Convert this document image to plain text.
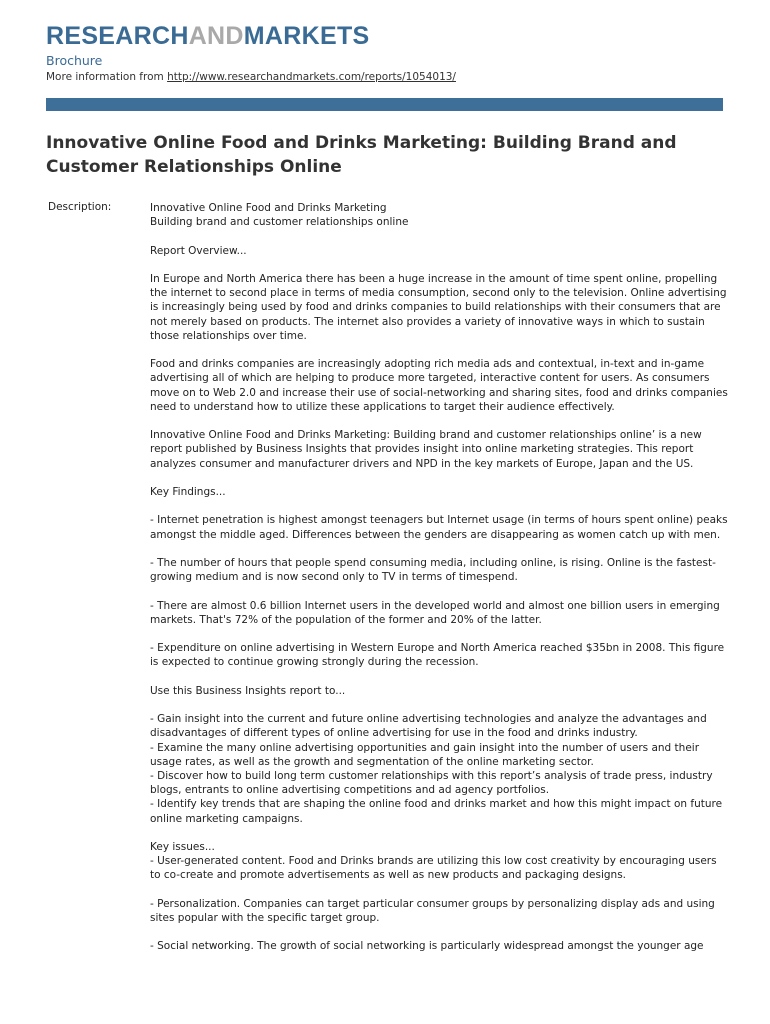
RESEARCHANDMARKETS
Brochure
More information from http://www.researchandmarkets.com/reports/1054013/
Innovative Online Food and Drinks Marketing: Building Brand and Customer Relationships Online
Description:	Innovative Online Food and Drinks Marketing
Building brand and customer relationships online

Report Overview...

In Europe and North America there has been a huge increase in the amount of time spent online, propelling the internet to second place in terms of media consumption, second only to the television. Online advertising is increasingly being used by food and drinks companies to build relationships with their consumers that are not merely based on products. The internet also provides a variety of innovative ways in which to sustain those relationships over time.

Food and drinks companies are increasingly adopting rich media ads and contextual, in-text and in-game advertising all of which are helping to produce more targeted, interactive content for users. As consumers move on to Web 2.0 and increase their use of social-networking and sharing sites, food and drinks companies need to understand how to utilize these applications to target their audience effectively.

Innovative Online Food and Drinks Marketing: Building brand and customer relationships online’ is a new report published by Business Insights that provides insight into online marketing strategies. This report analyzes consumer and manufacturer drivers and NPD in the key markets of Europe, Japan and the US.

Key Findings...

- Internet penetration is highest amongst teenagers but Internet usage (in terms of hours spent online) peaks amongst the middle aged. Differences between the genders are disappearing as women catch up with men.

- The number of hours that people spend consuming media, including online, is rising. Online is the fastest-growing medium and is now second only to TV in terms of timespend.

- There are almost 0.6 billion Internet users in the developed world and almost one billion users in emerging markets. That's 72% of the population of the former and 20% of the latter.

- Expenditure on online advertising in Western Europe and North America reached $35bn in 2008. This figure is expected to continue growing strongly during the recession.

Use this Business Insights report to...

- Gain insight into the current and future online advertising technologies and analyze the advantages and disadvantages of different types of online advertising for use in the food and drinks industry.
- Examine the many online advertising opportunities and gain insight into the number of users and their usage rates, as well as the growth and segmentation of the online marketing sector.
- Discover how to build long term customer relationships with this report’s analysis of trade press, industry blogs, entrants to online advertising competitions and ad agency portfolios.
- Identify key trends that are shaping the online food and drinks market and how this might impact on future online marketing campaigns.

Key issues...
- User-generated content. Food and Drinks brands are utilizing this low cost creativity by encouraging users to co-create and promote advertisements as well as new products and packaging designs.

- Personalization. Companies can target particular consumer groups by personalizing display ads and using sites popular with the specific target group.

- Social networking. The growth of social networking is particularly widespread amongst the younger age
